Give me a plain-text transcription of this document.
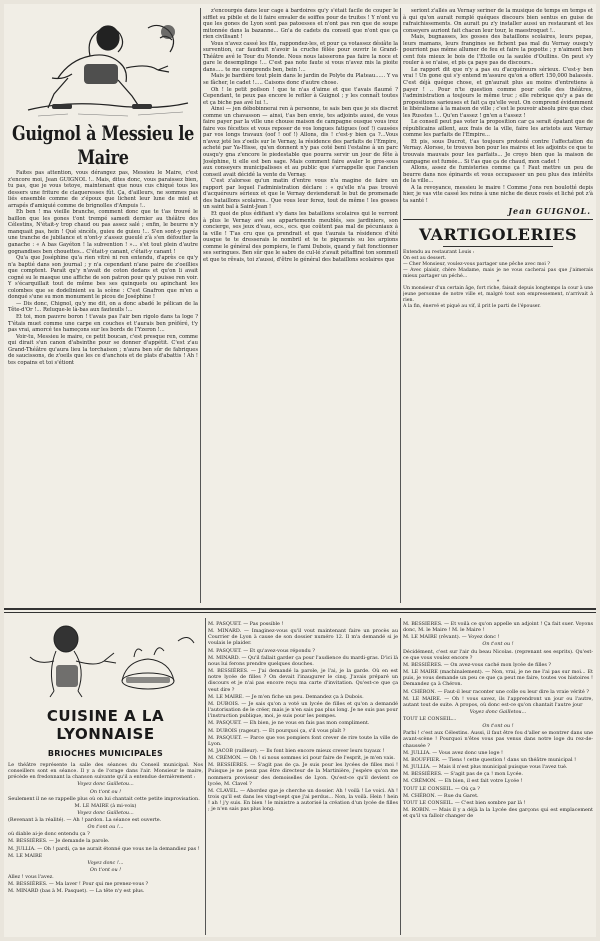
Guignol à Messieu le Maire

Faites pas attention, vous dérangez pas, Messieu le Maire, c'est z'encore moi, Jean GUIGNOL !.. Mais, dites donc, vous paraissez bien, tu pas, que je vous tetoye, maintenant que nous cus chiqué tous les dessers une friture de claqueresses fût. Ça, d'ailleurs, ne sommes pas liés ensemble comme de z'époux que lichent leur lune de miel et arrapés d'amiquié comme de brignolles d'Ampuis !..

Eh ben ! ma vieille branche, comment donc que te t'as trouvé le baillon que les gones t'ont trempé samedi dernier au théâtre des Célestins, N'était-y trop chaud ou pas assez salé ; enfin, le beurre n'y manquait pas, hein ! Qué sincèls, guieu de guieu !... S'en sont-y payés une tranche de jubilance et n'ont-y z'assez gueulé z'à s'en défoutter la ganache : « A bas Gayéton ! la subvention ! »... s'et tout plein d'autre gognandises ben chouettes... C'était-y canant, c'était-y canant !

Qu'a que Joséphine qu'a rien vitré ni ren entendu, d'après ce qu'y n'a baptié dans son journal ; y n'a cependant n'ane paire de z'oeillies que comptent. Paraît qu'y n'avait de coton dedans et qu'on li avait cogné su le masque une affiche de son patron pour qu'y puisse ren voir. Y s'écarquillait tout de même bes ses quinquets ou apinchant les colombes que se dodelinient su la scène : C'est Gnafron que m'en a donqué s'une su mon monument le picou de Joséphine !

— Dis donc, Chignol, qu'y me dit, on a donc abadé le pélican de la Tête-d'Or !... Reluque-le là-bas aux fauteuils !...

Et toi, mon pauvre boron ! t'avais pas l'air ben rigolo dans ta loge ? T'étais muet comme une carpe en couches et t'aurais ben préféré, t'y pas vrai, amorcé tes hameçons sur les bords de l'Yzeron !...

Voir-tu, Messieu le maire, ce petit boucan, c'est presque ren, comme qui dirait s'un canon d'absinthe pour se donner d'appétit. C'est z'au Grand-Théâtre qu'aura lieu la torchaison ; n'aura ben sûr de fabriques de saucissons, de z'oeils que les ce d'anchois et de plats d'abattis ! Ah ! tes copains et toi s'étiont

z'encourgés dans leur cage à bardoires qu'y s'était facile de couper le sifflet su pibile et de li faire envaler de soiffes pour de truites ! Y n'ont vu que les gones de Lyon sont pas patoesses et n'ont pas ren que de soupe mitonnée dans la bazanne... Gn'a de cadets du conseil que n'ont que ça rien civilisant !

Vous n'avez cassé les fils, rappondez-les, et pour ça votassez désiâte la survention, car faudrait n'avoir la cruche fêlée pour ouvrir le Grand-Théâtre avé le Tour du Monde. Nous nous laisserons pas faire la noce et gare le desemplinge !... C'est pas note faute si vous n'avez mis la pioite dans..... te me comprends ben, bein !...

Mais je bardière tout plein dans le jardin de Polyte du Plateau...... Y va se fâcher, le cadet !..... Caisons donc d'autre chose.

Oh ! le petit poilson ! que te n'as d'aime et que t'avais flaumé ? Cependant, te peux pas encore le refiler à Guignol ; y les connaît toutes et ça biche pas avé lui !..

Ainsi — jen débobinnerai ren à personne, te sais ben que je sis discret comme un chavasson — ainsi, t'as ben envie, tes adjoints aussi, de vous faire payer par la ville une chouse maison de campagne ousque vous irez faire vos fécettes et vous reposer de vos longues fatigues (oof !) causées par vos longs travaux (oof ! oof !) Allons, dis ! c'est-y bien ça ?...Vous n'avez jeté les z'oeils sur le Vernay, la résidence des parfaits de l'Empire, acheté par Ya-Hisse, qu'en donnent n'y pas coté beni l'estalne à un parc ousqu'y gna z'encore le piedestable que pourra servir un jour de fête à Joséphine, ti elle est ben sage. Mais comment faire avaler le gros-sous aux conseyers municipalisses et au public que s'arrappelle que l'ancien conseil avait décidé la vente du Vernay.

C'est z'alorsse qu'un matin d'entre vous n'a magine de faire un rapport par lequel l'administration déclare : « qu'elle n'a pas trouvé d'acquéreurs sérieux et que le Vernay devienderait le but de promenade des bataillons scolaires.. Que vous leur ferez, tout de même ! les gosses un saint bal à Saint-Jean !

Et quoi de plus édifiant s'y dans les bataillons scolaires qui le verront à plus le Vernay avé ses appartements meublés, ses jardiniers, son concierge, ses jeux d'eau, ecs., ecs. que coûtent pas mal de pécuniaux à la ville ! T'as cru que ça prendrait et que t'aurais ta résidence d'été ousque te te dresserais le nombril et te te piquerais su les arpions comme le général des pompiers, le f'ami Dubois, quand y fait fonctionner ses seringues. Ben sûr que le sabre de cul-lé z'avait pétaffiné ton sommeil et que te rêvais, toi z'aussi, d'être le général des bataillons scolaires que

seriont z'allés au Vernay seriner de la musique de temps en temps et à qui qu'on aurait remplé quéques discours bien sentus en guise de rafraichissements. On aurait pu z'y installer aussi un restaurant et les conseyers auriont fait chacun leur tour, le maestroquet !..

Mais, bugnasses, les gosses des bataillons scolaires, leurs pepas, leurs mamans, leurs frangines se fichent pas mal du Vernay ousqu'y pourriont pas même allumer de feu et faire la popotte ; y n'aiment ben cent fois mieux le bois de l'Etoile ou la saulée d'Oullins. On peut s'y rouler à se n'aise, et pis ça paye pas de discours..

Le rapport dit que n'y a pas eu d'acquéreurs sérieux. C'est-y ben vrai ! Un gone qui s'y entend m'assure qu'on a offert 150,000 balassés. C'est déjà quéque chose, et gn'aurait plus au moins d'entretiens à payer ! .. Pour n'te question comme pour celle des théâtres, l'administration a toujours le même truc ; elle rebrique qu'y a pas de propositions sarieuses et fait ça qu'elle veut. On comprend évidemment le libéralisme à la maison de ville ; c'est le pouvoir absolu pire que chez les Russtes !... Qu'en t'assez ! gn'en a t'assez !

Le conseil peut pas voter la proposition car ça serait épatant que de républicains aillent, aux frais de la ville, faire les aristots aux Vernay comme les parfaits de l'Empire...

Et pis, sous Ducrot, t'as toujours protesté contre l'affectation du Vernay. Alorsse, te trouves bon pour les maires et les adjoints ce que te trouvais mauvais pour les parfaits... Je croyo bien que la maison de campagne est fumée... Si t'as que ça de chaud, mon cadet !

Allons, assez de fumisteries comme ça ! Faut mettre un peu de beurre dans nos épinards et vous occupasser un peu plus des intérêts de la ville...

A la revoyance, messieu le maire ! Comme j'ons ren boulotté depis hier, je vas vite cassé les reins à une niche de deux rosés et liché pot z'à ta santé !

Jean GUIGNOL.
VARTIGOLERIES

Entendu au restaurant Louis :

On est au dessert.

— Cher Monsieur, voulez-vous partager une pêche avec moi ?

— Avec plaisir, chère Madame, mais je ne vous cacherai pas que j'aimerais mieux partager un péché...

*

Un monsieur d'un certain âge, fort riche, faisait depuis longtemps la cour à une jeune personne de notre ville et, malgré tout son empressement, n'arrivait à rien.

A la fin, énervé et piqué au vif, il prit le parti de l'épouser.

CUISINE A LA LYONNAISE
BRIOCHES MUNICIPALES

Le théâtre représente la salle des séances du Conseil municipal. Nos conseillers sont en séance. Il y a de l'orage dans l'air. Monsieur le maire, précède en fredonnant la chanson suivante qu'il a entendue dernièrement :

Voyez donc Gailletou...

On t'ont ou !

Seulement il ne se rappelle plus où on lui chantait cette petite improvisation.

M. LE MAIRE (à mi-voix)

Voyez donc Gailletou...

(Revenant à la réalité). — Ah ! pardon. La séance est ouverte.

On t'ont ou !...

où diable ai-je donc entendu ça ?

M. BESSIÈRES. — Je demande la parole.

M. JULLIA. — Oh ! pardi, ça ne aurait étonné que vous ne la demandiez pas !

M. LE MAIRE

Voyez donc !...

On t'ont ou !

Allez ! vous l'avez.

M. BESSIÈRES. — Ma laver ! Pour qui me prenez-vous ?

M. MINARD (bas à M. Pasquet). — La tête n'y est plus.

M. PASQUET. — Pas possible !

M. MINARD. — Imaginez-vous qu'il vout maintenant faire un procès au Courrier de Lyon à cause de son dossier numéro 12. Il m'a demandé si je voulais le plaider.

M. PASQUET. — Et qu'avez-vous répondu ?

M. MINARD. — Qu'il fallait garder ça pour l'audience du mardi-gras. D'ici là nous lui ferons prendre quelques douches.

M. BESSIÈRES. — J'ai demandé la parole, je l'ai, je la garde. Où en est notre lycée de filles ? On devait l'inaugurer le cinq. J'avais préparé un discours et je n'ai pas encore reçu ma carte d'invitation. Qu'est-ce que ça veut dire ?

M. LE MAIRE. — Je m'en fiche un peu. Demandez ça à Dubois.

M. DUBOIS. — Je sais qu'on a voté un lycée de filles et qu'on a demandé l'autorisation de le créer, mais je n'en sais pas plus long. Je ne suis pas pour l'instruction publique, moi, je suis pour les pompes.

M. PASQUET. — Eh bien, je ne vous en fais pas mon compliment.

M. DUBOIS (rageur). — Et pourquoi ça, s'il vous plaît ?

M. PASQUET. — Parce que vos pompiers font crever de rire toute la ville de Lyon.

M. JACOB (railleur). — Ils font bien encore mieux crever leurs tuyaux !

M. CRÉMON. — Oh ! si nous sommes ici pour faire de l'esprit, je m'en vais.

M. BESSIÈRES. — S'agit pas de ça. Je suis pour les lycées de filles moi ! Puisque je ne peux pas être directeur de la Martinière, j'espère qu'on me nommera proviseur des demoiselles de Lyon. Qu'est-ce qu'il devient ce lycée, M. Clavel ?

M. CLAVEL. — Abordez que je cherche un dossier. Ah ! voilà ! Le voici. Ah ! trois qu'il est dans les vingt-sept que j'ai perdus... Non, la voilà. Hein ! hein ! ah ! j'y suis. En bien ! le ministre a autorisé la création d'un lycée de filles ; je n'en sais pas plus long.

M. BESSIÈRES. — Et voilà ce qu'on appelle un adjoint ! Ça fait suer. Voyons donc, M. le Maire ! M. le Maire !

M. LE MAIRE (rêvant). — Voyez donc !

On t'ont ou !

Décidément, c'est sur l'air du beau Nicolas. (reprenant ses esprits). Qu'est-ce que vous voulez encore ?

M. BESSIÈRES. — On avez-vous caché mon lycée de filles ?

M. LE MAIRE (machinalement). — Non, vrai, je ne me l'ai pas sur moi... Et puis, je vous demande un peu ce que ça peut me faire, toutes vos histoires ! Demandez ça à Chéron.

M. CHÉRON. — Faut-il leur raconter une colle ou leur dire la vraie vérité ?

M. LE MAIRE. — Oh ! vous savez, ils l'apprendront un jour ou l'autre, autant tout de suite. A propos, où donc est-ce qu'on chantait l'autre jour

Voyez donc Gailletou...

TOUT LE CONSEIL...

On t'ont ou !

Parbi ! c'est aux Célestins. Aussi, il faut être fou d'aller se montrer dans une avant-scène ! Pourquoi n'êtes vous pas venus dans notre loge du rez-de-chaussée ?

M. JULLIA. — Vous avez donc une loge !

M. BOUFFIER. — Tiens ! cette question ! dans un théâtre municipal !

M. JULLIA. — Mais il n'est plus municipal puisque vous l'avez tué.

M. BESSIÈRES. — S'agit pas de ça ! mon Lycée.

M. CRÉMON. — Eh bien, il est fait votre Lycée !

TOUT LE CONSEIL. — Où ça ?

M. CHÉRON. — Rue du Garet.

TOUT LE CONSEIL. — C'est bien sombre par là !

M. ROBIN. — Mais il y a déjà la la Lycée des garçons qui est emplacement et qu'il va falloir changer de
